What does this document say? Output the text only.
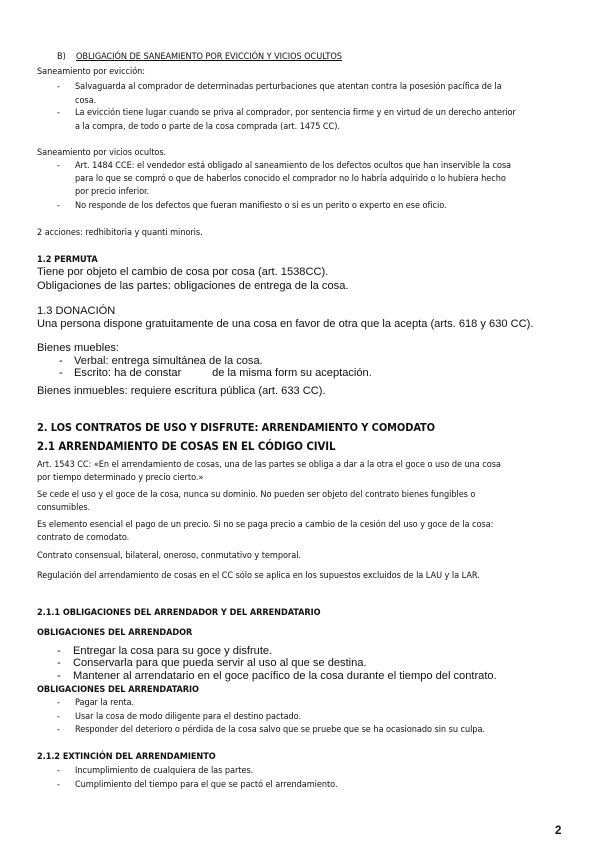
B) OBLIGACIÓN DE SANEAMIENTO POR EVICCIÓN Y VICIOS OCULTOS
Saneamiento por evicción:
- Salvaguarda al comprador de determinadas perturbaciones que atentan contra la posesión pacífica de la
cosa.
- La evicción tiene lugar cuando se priva al comprador, por sentencia firme y en virtud de un derecho anterior
a la compra, de todo o parte de la cosa comprada (art. 1475 CC).
Saneamiento por vicios ocultos.
- Art. 1484 CCE: el vendedor está obligado al saneamiento de los defectos ocultos que han inservible la cosa
para lo que se compró o que de haberlos conocido el comprador no lo habría adquirido o lo hubiera hecho
por precio inferior.
- No responde de los defectos que fueran manifiesto o si es un perito o experto en ese oficio.
2 acciones: redhibitoria y quanti minoris.
1.2 PERMUTA
Tiene por objeto el cambio de cosa por cosa (art. 1538CC).
Obligaciones de las partes: obligaciones de entrega de la cosa.
1.3 DONACIÓN
Una persona dispone gratuitamente de una cosa en favor de otra que la acepta (arts. 618 y 630 CC).
Bienes muebles:
- Verbal: entrega simultánea de la cosa.
- Escrito: ha de constar          de la misma form su aceptación.
Bienes inmuebles: requiere escritura pública (art. 633 CC).
2. LOS CONTRATOS DE USO Y DISFRUTE: ARRENDAMIENTO Y COMODATO
2.1 ARRENDAMIENTO DE COSAS EN EL CÓDIGO CIVIL
Art. 1543 CC: «En el arrendamiento de cosas, una de las partes se obliga a dar a la otra el goce o uso de una cosa
por tiempo determinado y precio cierto.»
Se cede el uso y el goce de la cosa, nunca su dominio. No pueden ser objeto del contrato bienes fungibles o
consumibles.
Es elemento esencial el pago de un precio. Si no se paga precio a cambio de la cesión del uso y goce de la cosa:
contrato de comodato.
Contrato consensual, bilateral, oneroso, conmutativo y temporal.
Regulación del arrendamiento de cosas en el CC sólo se aplica en los supuestos excluidos de la LAU y la LAR.
2.1.1 OBLIGACIONES DEL ARRENDADOR Y DEL ARRENDATARIO
OBLIGACIONES DEL ARRENDADOR
- Entregar la cosa para su goce y disfrute.
- Conservarla para que pueda servir al uso al que se destina.
- Mantener al arrendatario en el goce pacífico de la cosa durante el tiempo del contrato.
OBLIGACIONES DEL ARRENDATARIO
- Pagar la renta.
- Usar la cosa de modo diligente para el destino pactado.
- Responder del deterioro o pérdida de la cosa salvo que se pruebe que se ha ocasionado sin su culpa.
2.1.2 EXTINCIÓN DEL ARRENDAMIENTO
- Incumplimiento de cualquiera de las partes.
- Cumplimiento del tiempo para el que se pactó el arrendamiento.
2
